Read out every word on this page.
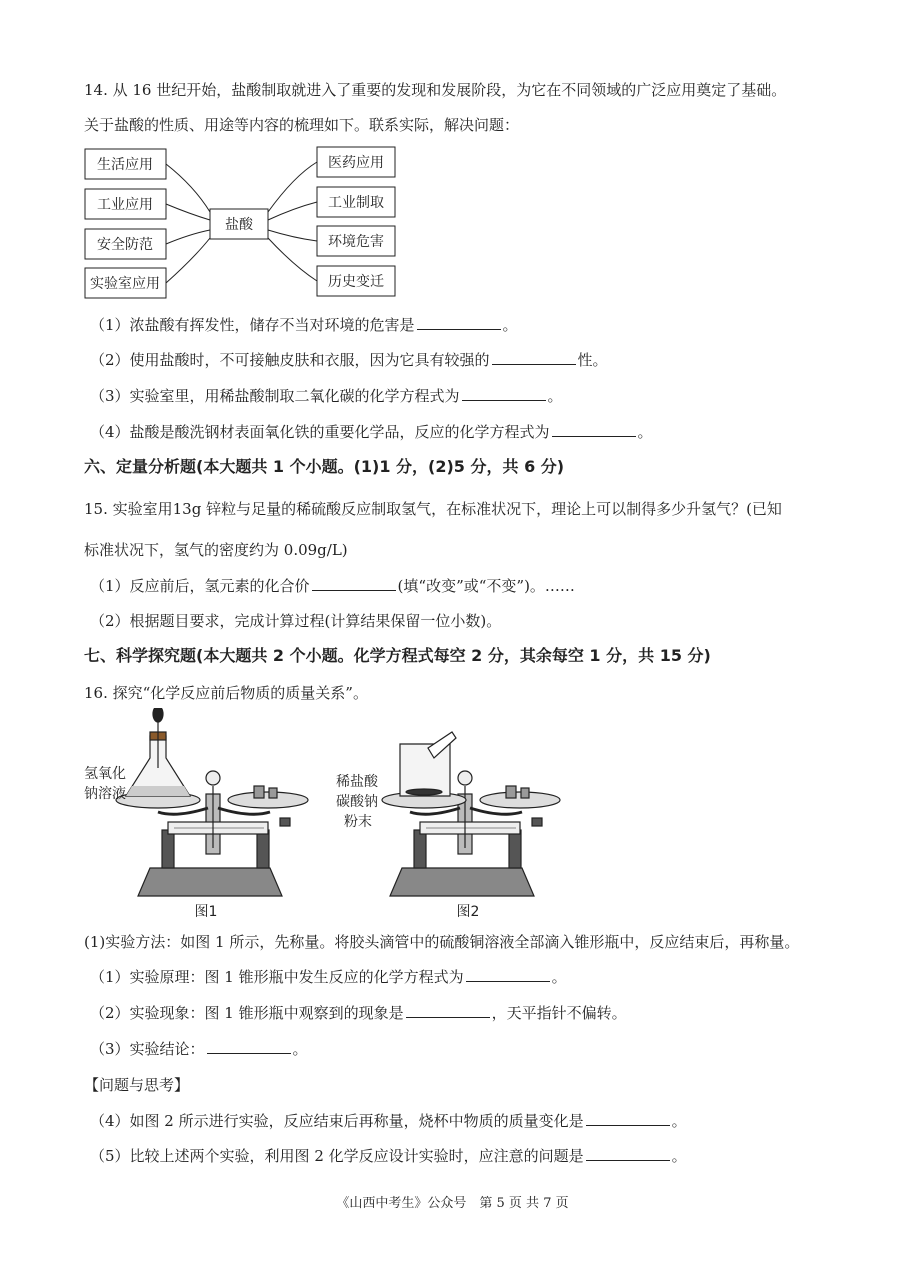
14. 从 16 世纪开始，盐酸制取就进入了重要的发现和发展阶段，为它在不同领域的广泛应用奠定了基础。
关于盐酸的性质、用途等内容的梳理如下。联系实际，解决问题：
生活应用
工业应用
安全防范
实验室应用
盐酸
医药应用
工业制取
环境危害
历史变迁
（1）浓盐酸有挥发性，储存不当对环境的危害是	。
（2）使用盐酸时，不可接触皮肤和衣服，因为它具有较强的	性。
（3）实验室里，用稀盐酸制取二氧化碳的化学方程式为	。
（4）盐酸是酸洗钢材表面氧化铁的重要化学品，反应的化学方程式为	。
六、定量分析题(本大题共 1 个小题。(1)1 分，(2)5 分，共 6 分)
15. 实验室用13g 锌粒与足量的稀硫酸反应制取氢气，在标准状况下，理论上可以制得多少升氢气？(已知
标准状况下，氢气的密度约为 0.09g/L)
（1）反应前后，氢元素的化合价	(填“改变”或“不变”)。……
（2）根据题目要求，完成计算过程(计算结果保留一位小数)。
七、科学探究题(本大题共 2 个小题。化学方程式每空 2 分，其余每空 1 分，共 15 分)
16. 探究“化学反应前后物质的质量关系”。
氢氧化
钠溶液
图1
稀盐酸
碳酸钠
粉末
图2
(1)实验方法：如图 1 所示，先称量。将胶头滴管中的硫酸铜溶液全部滴入锥形瓶中，反应结束后，再称量。
（1）实验原理：图 1 锥形瓶中发生反应的化学方程式为	。
（2）实验现象：图 1 锥形瓶中观察到的现象是	，天平指针不偏转。
（3）实验结论：	。
【问题与思考】
（4）如图 2 所示进行实验，反应结束后再称量，烧杯中物质的质量变化是	。
（5）比较上述两个实验，利用图 2 化学反应设计实验时，应注意的问题是	。
《山西中考生》公众号　第 5 页 共 7 页
